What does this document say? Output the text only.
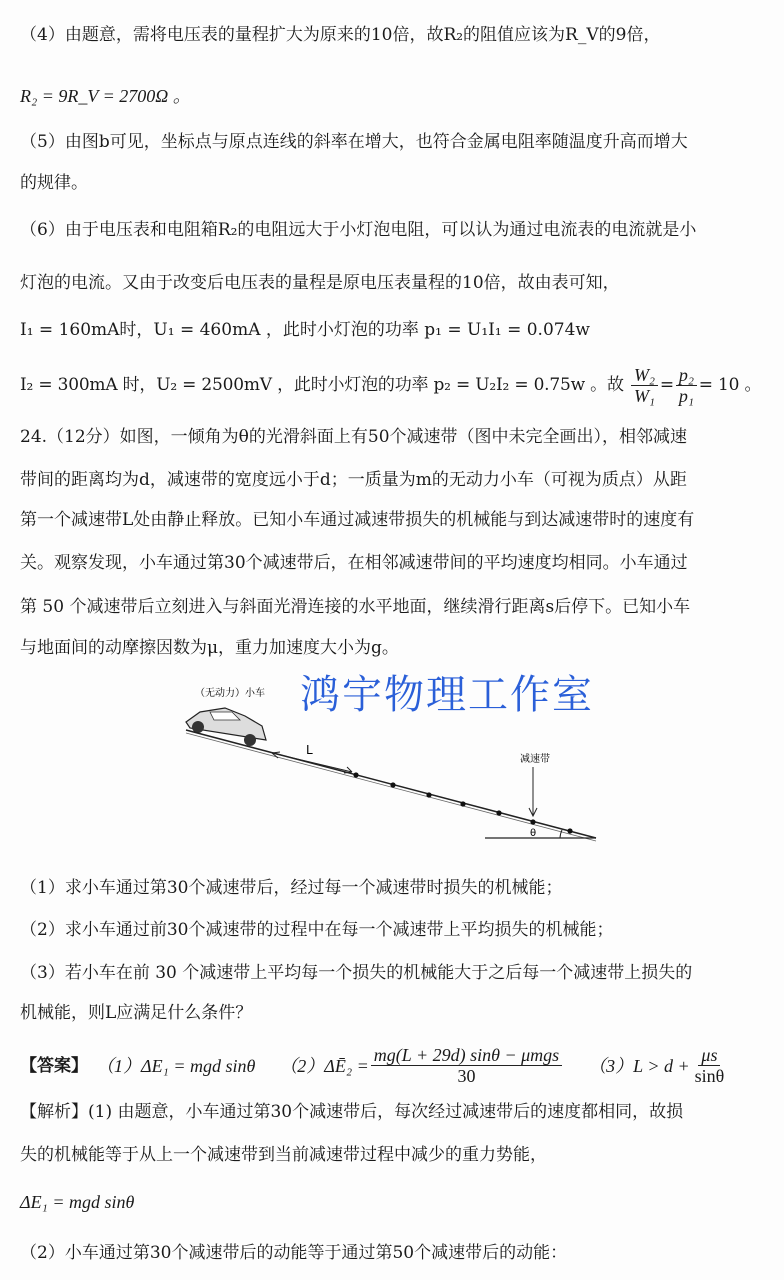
（4）由题意，需将电压表的量程扩大为原来的10倍，故R₂的阻值应该为R_V的9倍，
R₂ = 9R_V = 2700Ω 。
（5）由图b可见，坐标点与原点连线的斜率在增大，也符合金属电阻率随温度升高而增大
的规律。
（6）由于电压表和电阻箱R₂的电阻远大于小灯泡电阻，可以认为通过电流表的电流就是小
灯泡的电流。又由于改变后电压表的量程是原电压表量程的10倍，故由表可知，
I₁ = 160mA时，U₁ = 460mA ，此时小灯泡的功率 p₁ = U₁I₁ = 0.074w
I₂ = 300mA 时，U₂ = 2500mV ，此时小灯泡的功率 p₂ = U₂I₂ = 0.75w 。故 $\frac{\text{W₂}}{\text{W₁}} = \frac{\text{p₂}}{\text{p₁}} = 10$ 。
24.（12分）如图，一倾角为θ的光滑斜面上有50个减速带（图中未完全画出），相邻减速
带间的距离均为d，减速带的宽度远小于d；一质量为m的无动力小车（可视为质点）从距
第一个减速带L处由静止释放。已知小车通过减速带损失的机械能与到达减速带时的速度有
关。观察发现，小车通过第30个减速带后，在相邻减速带间的平均速度均相同。小车通过
第 50 个减速带后立刻进入与斜面光滑连接的水平地面，继续滑行距离s后停下。已知小车
与地面间的动摩擦因数为μ，重力加速度大小为g。
（无动力）小车
L
减速带
θ
鸿宇物理工作室
（1）求小车通过第30个减速带后，经过每一个减速带时损失的机械能；
（2）求小车通过前30个减速带的过程中在每一个减速带上平均损失的机械能；
（3）若小车在前 30 个减速带上平均每一个损失的机械能大于之后每一个减速带上损失的
机械能，则L应满足什么条件？
【答案】 （1）ΔE₁ = mgd sinθ （2）ΔĒ₂ = $\frac{\text{mg(L + 29d) sinθ − μmgs}}{30} (3)L > d + \frac{\mu s}{\sin\theta}$
【解析】(1) 由题意，小车通过第30个减速带后，每次经过减速带后的速度都相同，故损
失的机械能等于从上一个减速带到当前减速带过程中减少的重力势能，
ΔE₁ = mgd sinθ
（2）小车通过第30个减速带后的动能等于通过第50个减速带后的动能：
